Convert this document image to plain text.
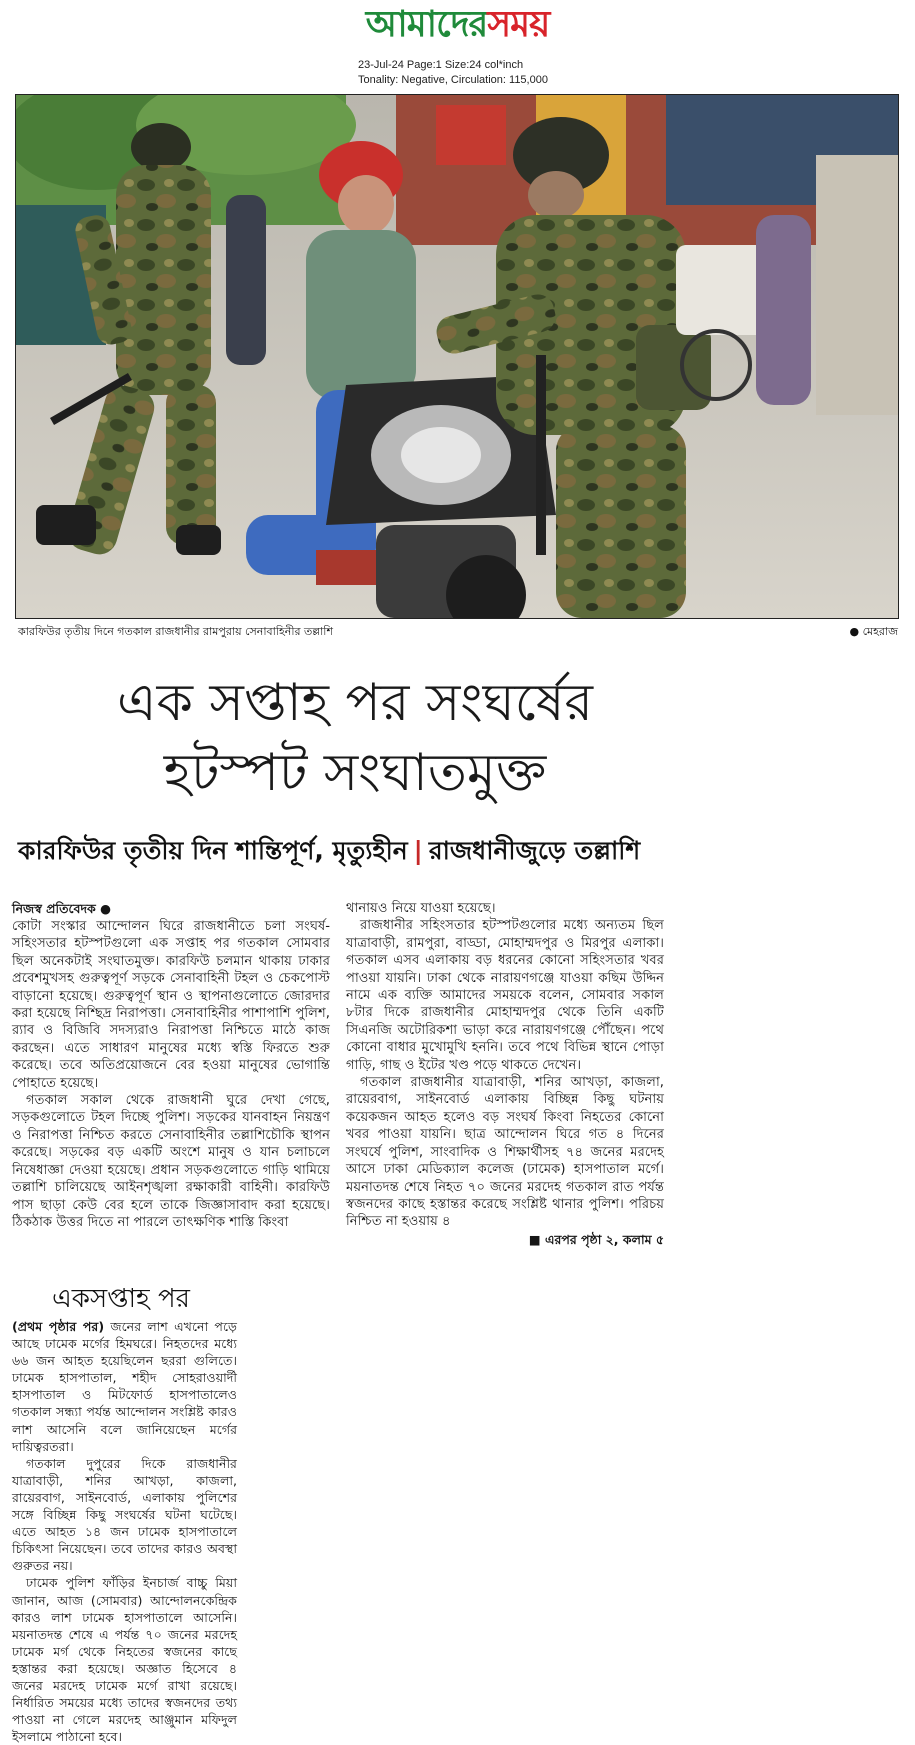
আমাদেরসময়
23-Jul-24 Page:1 Size:24 col*inch
Tonality: Negative, Circulation: 115,000
কারফিউর তৃতীয় দিনে গতকাল রাজধানীর রামপুরায় সেনাবাহিনীর তল্লাশি	● মেহরাজ
এক সপ্তাহ পর সংঘর্ষের
হটস্পট সংঘাতমুক্ত
কারফিউর তৃতীয় দিন শান্তিপূর্ণ, মৃত্যুহীন | রাজধানীজুড়ে তল্লাশি
নিজস্ব প্রতিবেদক ●

কোটা সংস্কার আন্দোলন ঘিরে রাজধানীতে চলা সংঘর্ষ-সহিংসতার হটস্পটগুলো এক সপ্তাহ পর গতকাল সোমবার ছিল অনেকটাই সংঘাতমুক্ত। কারফিউ চলমান থাকায় ঢাকার প্রবেশমুখসহ গুরুত্বপূর্ণ সড়কে সেনাবাহিনী টহল ও চেকপোস্ট বাড়ানো হয়েছে। গুরুত্বপূর্ণ স্থান ও স্থাপনাগুলোতে জোরদার করা হয়েছে নিশ্ছিদ্র নিরাপত্তা। সেনাবাহিনীর পাশাপাশি পুলিশ, র‌্যাব ও বিজিবি সদস্যরাও নিরাপত্তা নিশ্চিতে মাঠে কাজ করছেন। এতে সাধারণ মানুষের মধ্যে স্বস্তি ফিরতে শুরু করেছে। তবে অতিপ্রয়োজনে বের হওয়া মানুষের ভোগান্তি পোহাতে হয়েছে।

গতকাল সকাল থেকে রাজধানী ঘুরে দেখা গেছে, সড়কগুলোতে টহল দিচ্ছে পুলিশ। সড়কের যানবাহন নিয়ন্ত্রণ ও নিরাপত্তা নিশ্চিত করতে সেনাবাহিনীর তল্লাশিচৌকি স্থাপন করেছে। সড়কের বড় একটি অংশে মানুষ ও যান চলাচলে নিষেধাজ্ঞা দেওয়া হয়েছে। প্রধান সড়কগুলোতে গাড়ি থামিয়ে তল্লাশি চালিয়েছে আইনশৃঙ্খলা রক্ষাকারী বাহিনী। কারফিউ পাস ছাড়া কেউ বের হলে তাকে জিজ্ঞাসাবাদ করা হয়েছে। ঠিকঠাক উত্তর দিতে না পারলে তাৎক্ষণিক শাস্তি কিংবা

থানায়ও নিয়ে যাওয়া হয়েছে।

রাজধানীর সহিংসতার হটস্পটগুলোর মধ্যে অন্যতম ছিল যাত্রাবাড়ী, রামপুরা, বাড্ডা, মোহাম্মদপুর ও মিরপুর এলাকা। গতকাল এসব এলাকায় বড় ধরনের কোনো সহিংসতার খবর পাওয়া যায়নি। ঢাকা থেকে নারায়ণগঞ্জে যাওয়া কছিম উদ্দিন নামে এক ব্যক্তি আমাদের সময়কে বলেন, সোমবার সকাল ৮টার দিকে রাজধানীর মোহাম্মদপুর থেকে তিনি একটি সিএনজি অটোরিকশা ভাড়া করে নারায়ণগঞ্জে পৌঁছেন। পথে কোনো বাধার মুখোমুখি হননি। তবে পথে বিভিন্ন স্থানে পোড়া গাড়ি, গাছ ও ইটের খণ্ড পড়ে থাকতে দেখেন।

গতকাল রাজধানীর যাত্রাবাড়ী, শনির আখড়া, কাজলা, রায়েরবাগ, সাইনবোর্ড এলাকায় বিচ্ছিন্ন কিছু ঘটনায় কয়েকজন আহত হলেও বড় সংঘর্ষ কিংবা নিহতের কোনো খবর পাওয়া যায়নি। ছাত্র আন্দোলন ঘিরে গত ৪ দিনের সংঘর্ষে পুলিশ, সাংবাদিক ও শিক্ষার্থীসহ ৭৪ জনের মরদেহ আসে ঢাকা মেডিক্যাল কলেজ (ঢামেক) হাসপাতাল মর্গে। ময়নাতদন্ত শেষে নিহত ৭০ জনের মরদেহ গতকাল রাত পর্যন্ত স্বজনদের কাছে হস্তান্তর করেছে সংশ্লিষ্ট থানার পুলিশ। পরিচয় নিশ্চিত না হওয়ায় ৪

■ এরপর পৃষ্ঠা ২, কলাম ৫
একসপ্তাহ পর

(প্রথম পৃষ্ঠার পর) জনের লাশ এখনো পড়ে আছে ঢামেক মর্গের হিমঘরে। নিহতদের মধ্যে ৬৬ জন আহত হয়েছিলেন ছররা গুলিতে। ঢামেক হাসপাতাল, শহীদ সোহরাওয়ার্দী হাসপাতাল ও মিটফোর্ড হাসপাতালেও গতকাল সন্ধ্যা পর্যন্ত আন্দোলন সংশ্লিষ্ট কারও লাশ আসেনি বলে জানিয়েছেন মর্গের দায়িত্বরতরা।

গতকাল দুপুরের দিকে রাজধানীর যাত্রাবাড়ী, শনির আখড়া, কাজলা, রায়েরবাগ, সাইনবোর্ড, এলাকায় পুলিশের সঙ্গে বিচ্ছিন্ন কিছু সংঘর্ষের ঘটনা ঘটেছে। এতে আহত ১৪ জন ঢামেক হাসপাতালে চিকিৎসা নিয়েছেন। তবে তাদের কারও অবস্থা গুরুতর নয়।

ঢামেক পুলিশ ফাঁড়ির ইনচার্জ বাচ্চু মিয়া জানান, আজ (সোমবার) আন্দোলনকেন্দ্রিক কারও লাশ ঢামেক হাসপাতালে আসেনি। ময়নাতদন্ত শেষে এ পর্যন্ত ৭০ জনের মরদেহ ঢামেক মর্গ থেকে নিহতের স্বজনের কাছে হস্তান্তর করা হয়েছে। অজ্ঞাত হিসেবে ৪ জনের মরদেহ ঢামেক মর্গে রাখা রয়েছে। নির্ধারিত সময়ের মধ্যে তাদের স্বজনদের তথ্য পাওয়া না গেলে মরদেহ আঞ্জুমান মফিদুল ইসলামে পাঠানো হবে।
